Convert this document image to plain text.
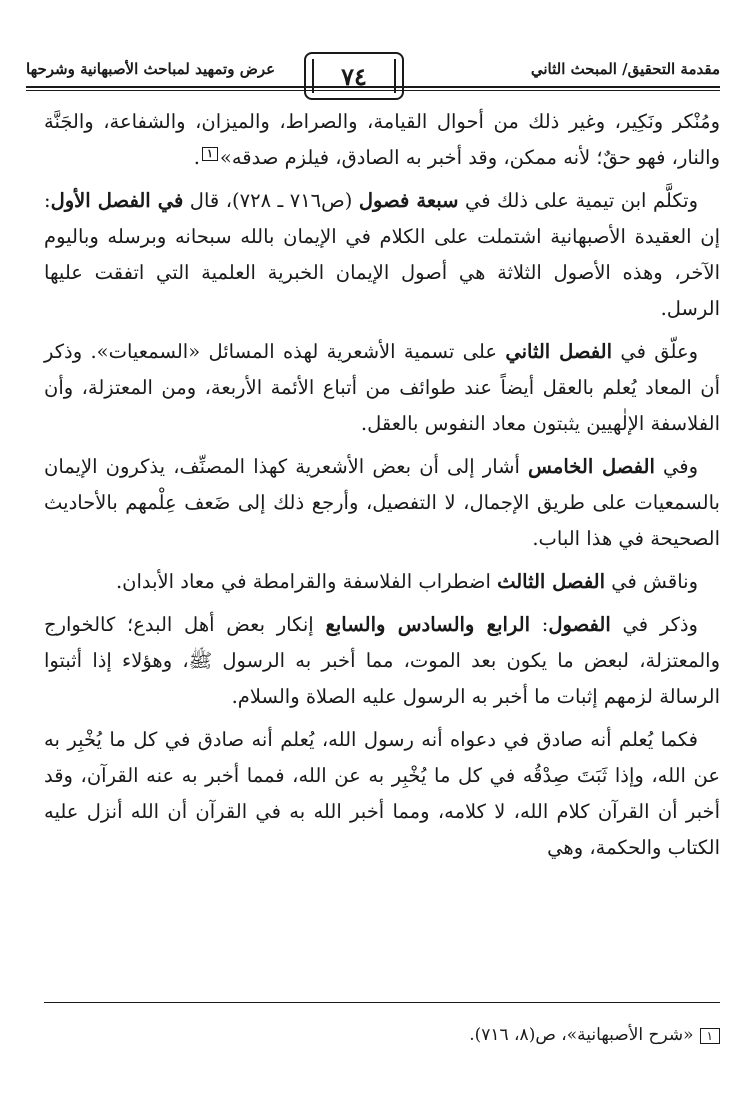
مقدمة التحقيق/ المبحث الثاني
٧٤
عرض وتمهيد لمباحث الأصبهانية وشرحها

ومُنْكر ونَكِير، وغير ذلك من أحوال القيامة، والصراط، والميزان، والشفاعة، والجَنَّة والنار، فهو حقٌ؛ لأنه ممكن، وقد أخبر به الصادق، فيلزم صدقه»١.

وتكلَّم ابن تيمية على ذلك في سبعة فصول (ص٧١٦ ـ ٧٢٨)، قال في الفصل الأول: إن العقيدة الأصبهانية اشتملت على الكلام في الإيمان بالله سبحانه وبرسله وباليوم الآخر، وهذه الأصول الثلاثة هي أصول الإيمان الخبرية العلمية التي اتفقت عليها الرسل.

وعلّق في الفصل الثاني على تسمية الأشعرية لهذه المسائل «السمعيات». وذكر أن المعاد يُعلم بالعقل أيضاً عند طوائف من أتباع الأئمة الأربعة، ومن المعتزلة، وأن الفلاسفة الإلٰهيين يثبتون معاد النفوس بالعقل.

وفي الفصل الخامس أشار إلى أن بعض الأشعرية كهذا المصنِّف، يذكرون الإيمان بالسمعيات على طريق الإجمال، لا التفصيل، وأرجع ذلك إلى ضَعف عِلْمهم بالأحاديث الصحيحة في هذا الباب.

وناقش في الفصل الثالث اضطراب الفلاسفة والقرامطة في معاد الأبدان.

وذكر في الفصول: الرابع والسادس والسابع إنكار بعض أهل البدع؛ كالخوارج والمعتزلة، لبعض ما يكون بعد الموت، مما أخبر به الرسول ﷺ، وهؤلاء إذا أثبتوا الرسالة لزمهم إثبات ما أخبر به الرسول عليه الصلاة والسلام.

فكما يُعلم أنه صادق في دعواه أنه رسول الله، يُعلم أنه صادق في كل ما يُخْبِر به عن الله، وإذا ثَبَتَ صِدْقُه في كل ما يُخْبِر به عن الله، فمما أخبر به عنه القرآن، وقد أخبر أن القرآن كلام الله، لا كلامه، ومما أخبر الله به في القرآن أن الله أنزل عليه الكتاب والحكمة، وهي

١«شرح الأصبهانية»، ص(٨، ٧١٦).
